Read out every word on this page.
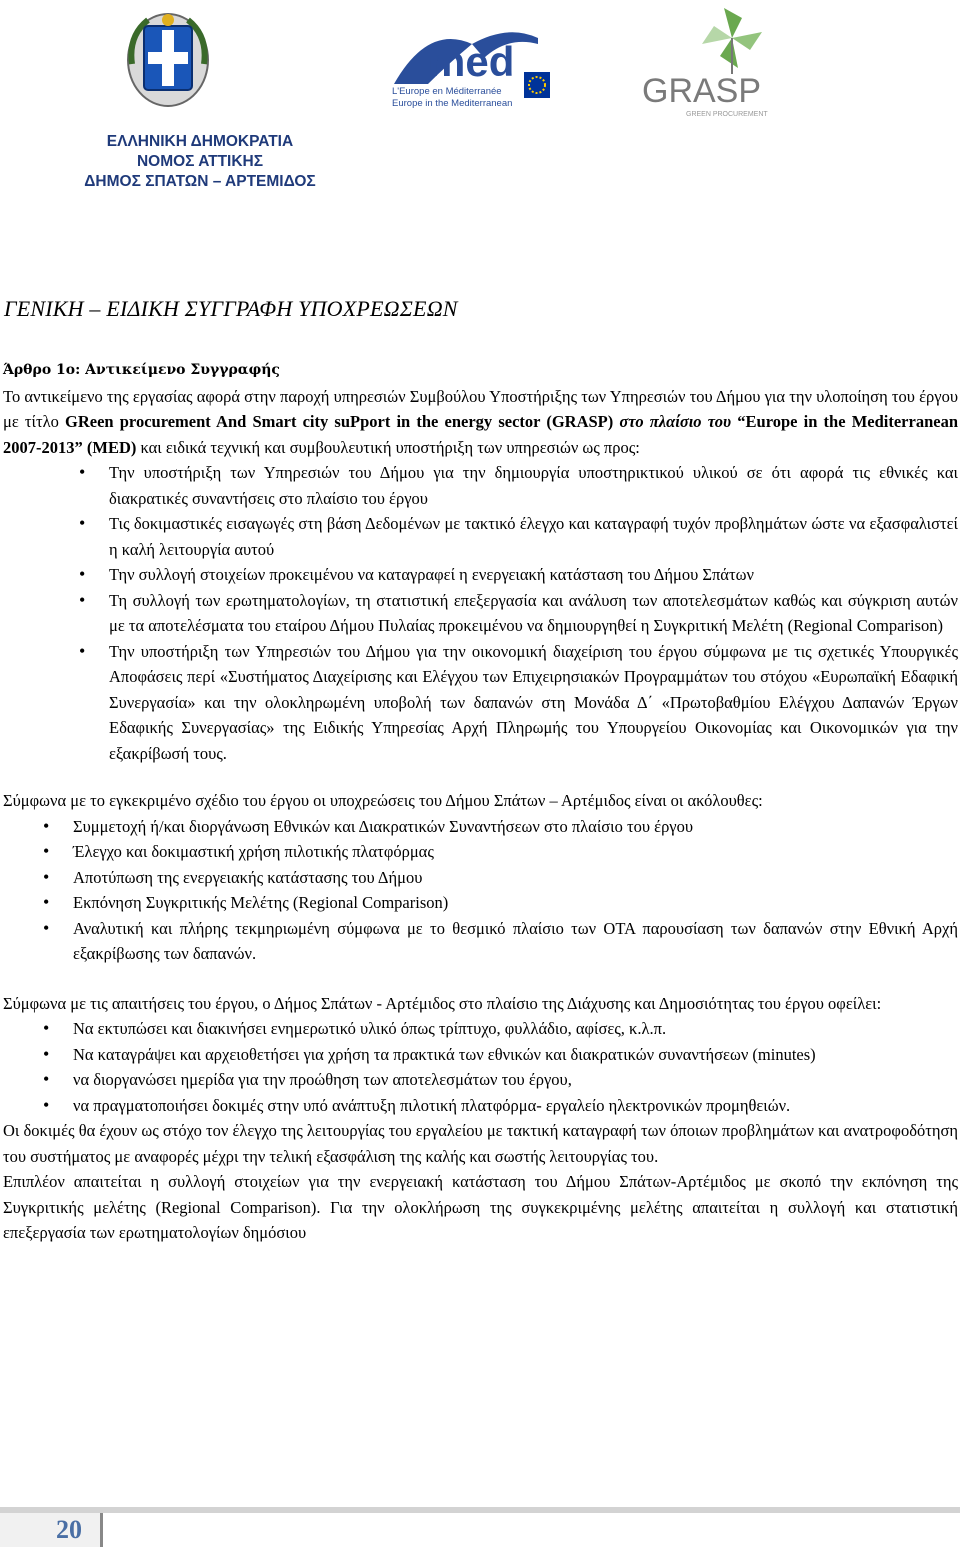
med
L'Europe en Méditerranée
Europe in the Mediterranean	GRASP
GREEN PROCUREMENT
ΕΛΛΗΝΙΚΗ ΔΗΜΟΚΡΑΤΙΑ
ΝΟΜΟΣ ΑΤΤΙΚΗΣ
ΔΗΜΟΣ ΣΠΑΤΩΝ – ΑΡΤΕΜΙΔΟΣ
ΓΕΝΙΚΗ – ΕΙΔΙΚΗ ΣΥΓΓΡΑΦΗ ΥΠΟΧΡΕΩΣΕΩΝ

Άρθρο 1ο: Αντικείμενο Συγγραφής

Το αντικείμενο της εργασίας αφορά στην παροχή υπηρεσιών Συμβούλου Υποστήριξης των Υπηρεσιών του Δήμου για την υλοποίηση του έργου με τίτλο GReen procurement And Smart city suPport in the energy sector (GRASP) στο πλαίσιο του “Europe in the Mediterranean 2007-2013” (MED) και ειδικά τεχνική και συμβουλευτική υποστήριξη των υπηρεσιών ως προς:

• Την υποστήριξη των Υπηρεσιών του Δήμου για την δημιουργία υποστηρικτικού υλικού σε ότι αφορά τις εθνικές και διακρατικές συναντήσεις στο πλαίσιο του έργου
• Τις δοκιμαστικές εισαγωγές στη βάση Δεδομένων με τακτικό έλεγχο και καταγραφή τυχόν προβλημάτων ώστε να εξασφαλιστεί η καλή λειτουργία αυτού
• Την συλλογή στοιχείων προκειμένου να καταγραφεί η ενεργειακή κατάσταση του Δήμου Σπάτων
• Τη συλλογή των ερωτηματολογίων, τη στατιστική επεξεργασία και ανάλυση των αποτελεσμάτων καθώς και σύγκριση αυτών με τα αποτελέσματα του εταίρου Δήμου Πυλαίας προκειμένου να δημιουργηθεί η Συγκριτική Μελέτη (Regional Comparison)
• Την υποστήριξη των Υπηρεσιών του Δήμου για την οικονομική διαχείριση του έργου σύμφωνα με τις σχετικές Υπουργικές Αποφάσεις περί «Συστήματος Διαχείρισης και Ελέγχου των Επιχειρησιακών Προγραμμάτων του στόχου «Ευρωπαϊκή Εδαφική Συνεργασία» και την ολοκληρωμένη υποβολή των δαπανών στη Μονάδα Δ΄ «Πρωτοβαθμίου Ελέγχου Δαπανών Έργων Εδαφικής Συνεργασίας» της Ειδικής Υπηρεσίας Αρχή Πληρωμής του Υπουργείου Οικονομίας και Οικονομικών για την εξακρίβωσή τους.

Σύμφωνα με το εγκεκριμένο σχέδιο του έργου οι υποχρεώσεις του Δήμου Σπάτων – Αρτέμιδος είναι οι ακόλουθες:

• Συμμετοχή ή/και διοργάνωση Εθνικών και Διακρατικών Συναντήσεων στο πλαίσιο του έργου
• Έλεγχο και δοκιμαστική χρήση πιλοτικής πλατφόρμας
• Αποτύπωση της ενεργειακής κατάστασης του Δήμου
• Εκπόνηση Συγκριτικής Μελέτης (Regional Comparison)
• Αναλυτική και πλήρης τεκμηριωμένη σύμφωνα με το θεσμικό πλαίσιο των ΟΤΑ παρουσίαση των δαπανών στην Εθνική Αρχή εξακρίβωσης των δαπανών.

Σύμφωνα με τις απαιτήσεις του έργου, ο Δήμος Σπάτων - Αρτέμιδος στο πλαίσιο της Διάχυσης και Δημοσιότητας του έργου οφείλει:

• Να εκτυπώσει και διακινήσει ενημερωτικό υλικό όπως τρίπτυχο, φυλλάδιο, αφίσες, κ.λ.π.
• Να καταγράψει και αρχειοθετήσει για χρήση τα πρακτικά των εθνικών και διακρατικών συναντήσεων (minutes)
• να διοργανώσει ημερίδα για την προώθηση των αποτελεσμάτων του έργου,
• να πραγματοποιήσει δοκιμές στην υπό ανάπτυξη πιλοτική πλατφόρμα- εργαλείο ηλεκτρονικών προμηθειών.

Οι δοκιμές θα έχουν ως στόχο τον έλεγχο της λειτουργίας του εργαλείου με τακτική καταγραφή των όποιων προβλημάτων και ανατροφοδότηση του συστήματος με αναφορές μέχρι την τελική εξασφάλιση της καλής και σωστής λειτουργίας του.

Επιπλέον απαιτείται η συλλογή στοιχείων για την ενεργειακή κατάσταση του Δήμου Σπάτων-Αρτέμιδος με σκοπό την εκπόνηση της Συγκριτικής μελέτης (Regional Comparison). Για την ολοκλήρωση της συγκεκριμένης μελέτης απαιτείται η συλλογή και στατιστική επεξεργασία των ερωτηματολογίων δημόσιου

20
